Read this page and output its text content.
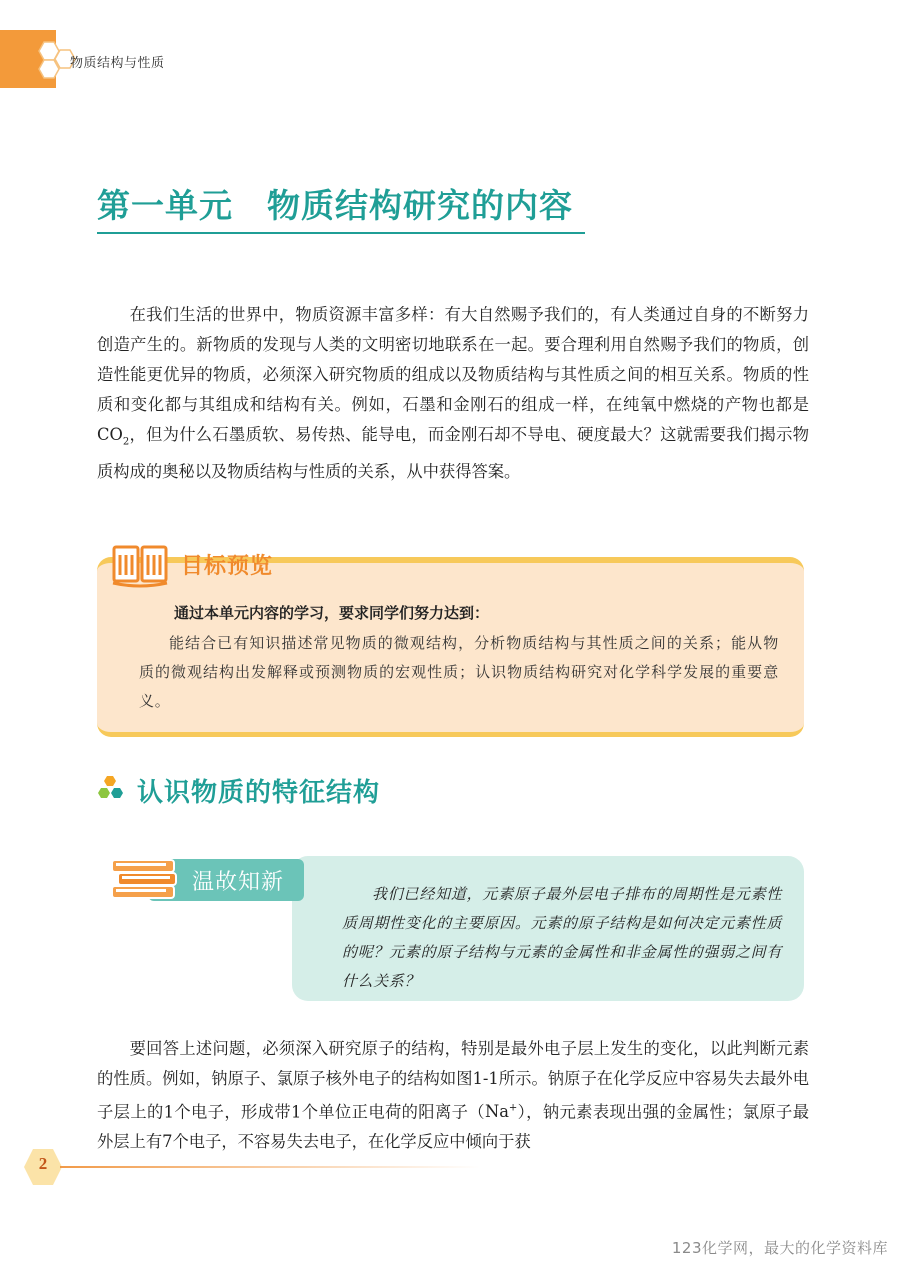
物质结构与性质
第一单元　物质结构研究的内容

在我们生活的世界中，物质资源丰富多样：有大自然赐予我们的，有人类通过自身的不断努力创造产生的。新物质的发现与人类的文明密切地联系在一起。要合理利用自然赐予我们的物质，创造性能更优异的物质，必须深入研究物质的组成以及物质结构与其性质之间的相互关系。物质的性质和变化都与其组成和结构有关。例如，石墨和金刚石的组成一样，在纯氧中燃烧的产物也都是$CO_2$，但为什么石墨质软、易传热、能导电，而金刚石却不导电、硬度最大？这就需要我们揭示物质构成的奥秘以及物质结构与性质的关系，从中获得答案。

目标预览
通过本单元内容的学习，要求同学们努力达到：
能结合已有知识描述常见物质的微观结构，分析物质结构与其性质之间的关系；能从物质的微观结构出发解释或预测物质的宏观性质；认识物质结构研究对化学科学发展的重要意义。
认识物质的特征结构
我们已经知道，元素原子最外层电子排布的周期性是元素性质周期性变化的主要原因。元素的原子结构是如何决定元素性质的呢？元素的原子结构与元素的金属性和非金属性的强弱之间有什么关系？
温故知新

要回答上述问题，必须深入研究原子的结构，特别是最外电子层上发生的变化，以此判断元素的性质。例如，钠原子、氯原子核外电子的结构如图1-1所示。钠原子在化学反应中容易失去最外电子层上的1个电子，形成带1个单位正电荷的阳离子（Na+），钠元素表现出强的金属性；氯原子最外层上有7个电子，不容易失去电子，在化学反应中倾向于获

2
123化学网，最大的化学资料库
